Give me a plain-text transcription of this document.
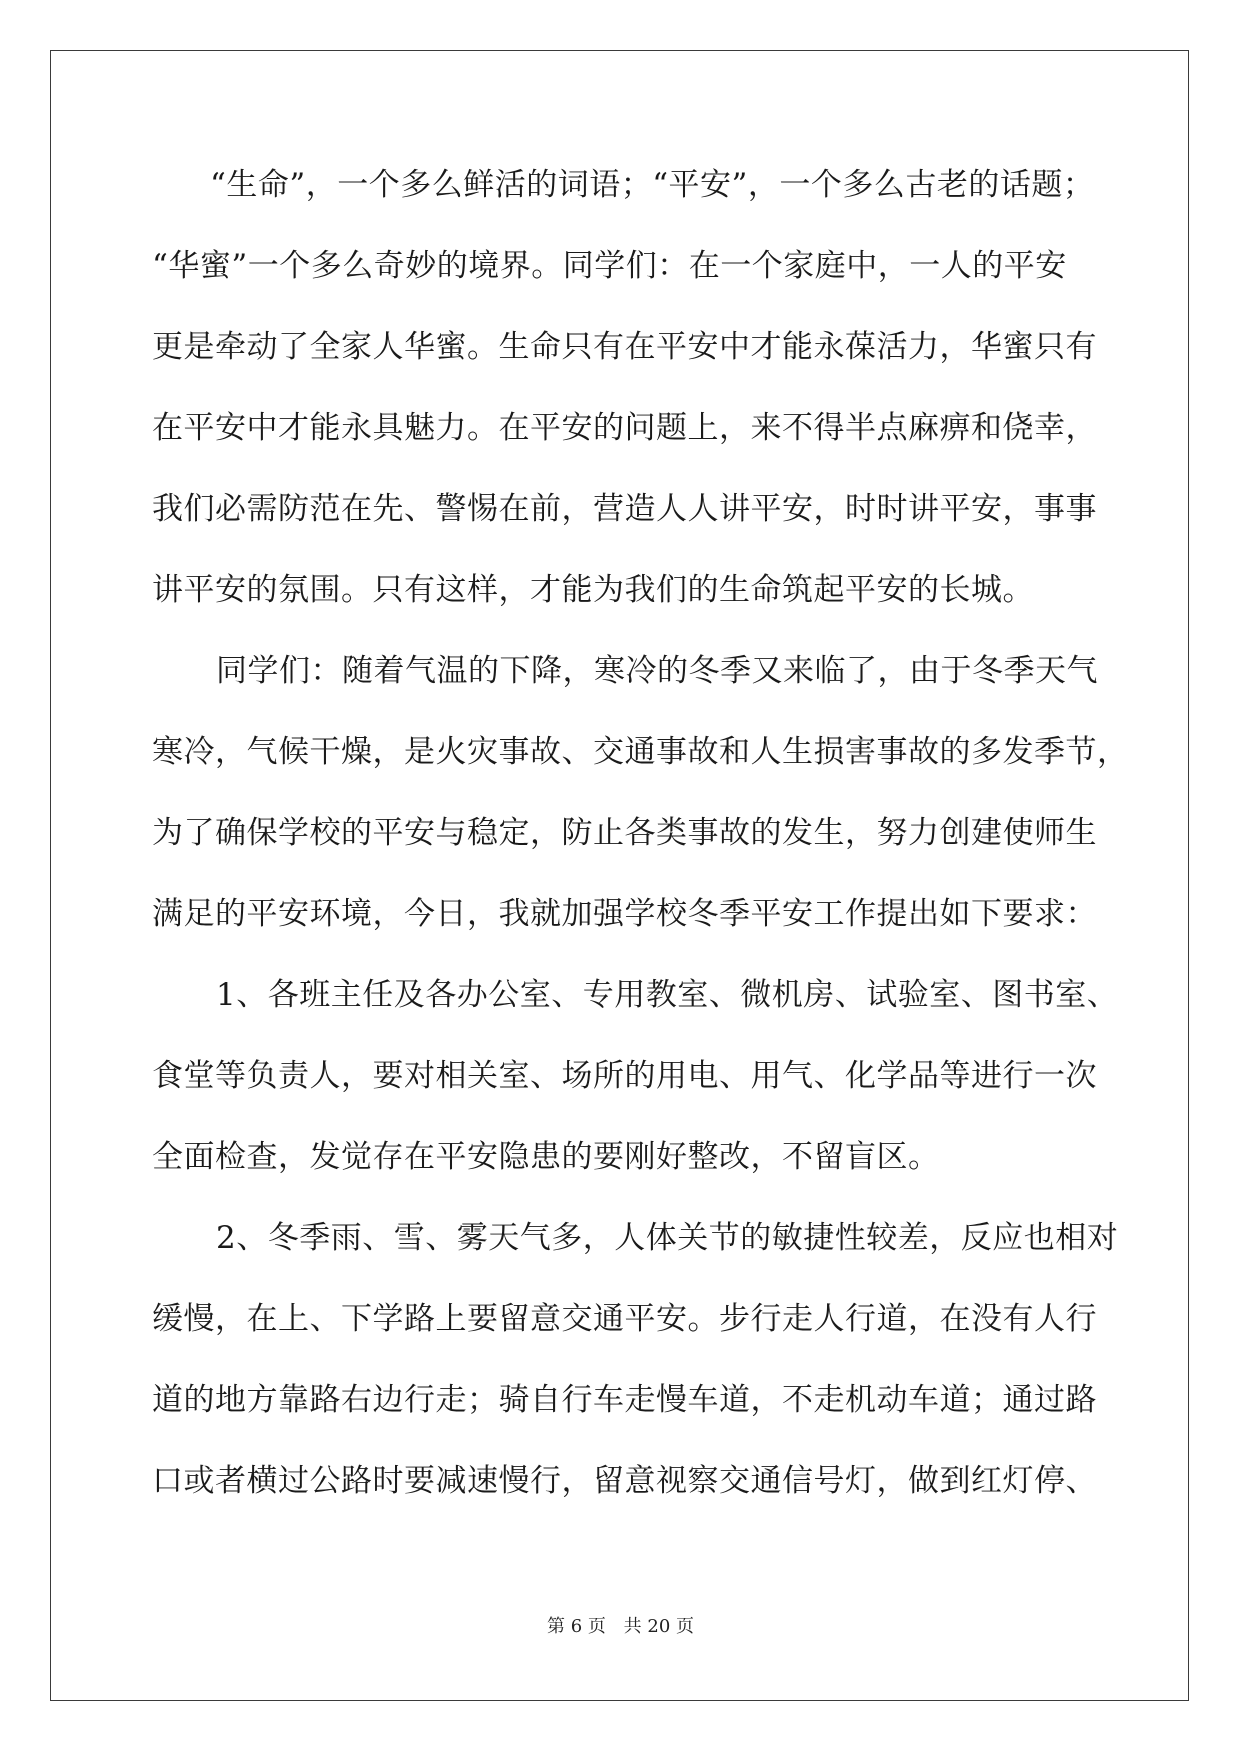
“生命”，一个多么鲜活的词语；“平安”，一个多么古老的话题；
“华蜜”一个多么奇妙的境界。同学们：在一个家庭中，一人的平安
更是牵动了全家人华蜜。生命只有在平安中才能永葆活力，华蜜只有
在平安中才能永具魅力。在平安的问题上，来不得半点麻痹和侥幸，
我们必需防范在先、警惕在前，营造人人讲平安，时时讲平安，事事
讲平安的氛围。只有这样，才能为我们的生命筑起平安的长城。
同学们：随着气温的下降，寒冷的冬季又来临了，由于冬季天气
寒冷，气候干燥，是火灾事故、交通事故和人生损害事故的多发季节，
为了确保学校的平安与稳定，防止各类事故的发生，努力创建使师生
满足的平安环境，今日，我就加强学校冬季平安工作提出如下要求：
1、各班主任及各办公室、专用教室、微机房、试验室、图书室、
食堂等负责人，要对相关室、场所的用电、用气、化学品等进行一次
全面检查，发觉存在平安隐患的要刚好整改，不留盲区。
2、冬季雨、雪、雾天气多，人体关节的敏捷性较差，反应也相对
缓慢，在上、下学路上要留意交通平安。步行走人行道，在没有人行
道的地方靠路右边行走；骑自行车走慢车道，不走机动车道；通过路
口或者横过公路时要减速慢行，留意视察交通信号灯，做到红灯停、
第 6 页 共 20 页
